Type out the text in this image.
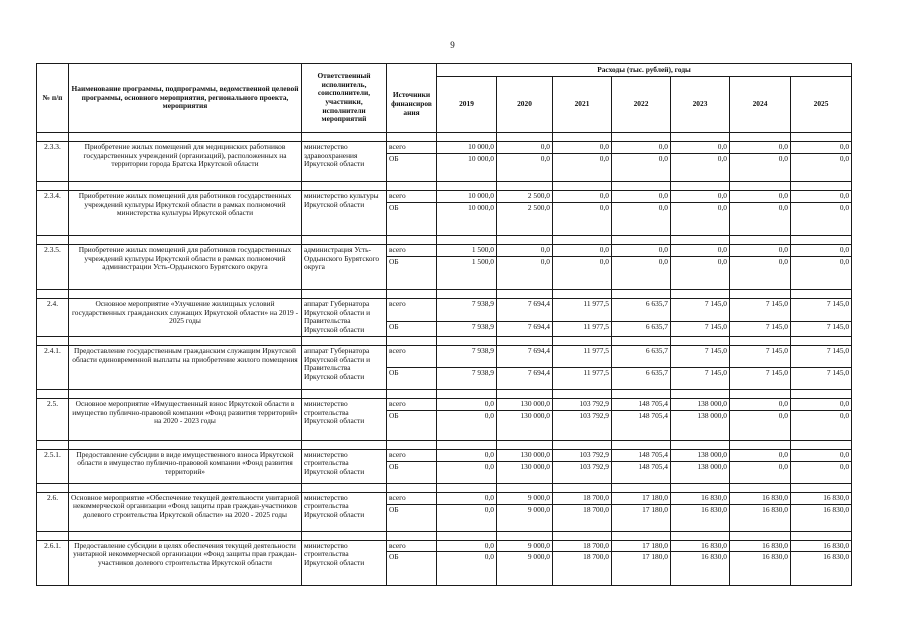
9
№ п/п	Наименование программы, подпрограммы, ведомственной целевой программы, основного мероприятия, регионального проекта, мероприятия	Ответственный исполнитель, соисполнители, участники, исполнители мероприятий	Источники финансиров ания	Расходы (тыс. рублей), годы						
				2019	2020	2021	2022	2023	2024	2025

2.3.3.	Приобретение жилых помещений для медицинских работников государственных учреждений (организаций), расположенных на территории города Братска Иркутской области	министерство здравоохранения Иркутской области	всего	10 000,0	0,0	0,0	0,0	0,0	0,0	0,0
			ОБ	10 000,0	0,0	0,0	0,0	0,0	0,0	0,0

2.3.4.	Приобретение жилых помещений для работников государственных учреждений культуры Иркутской области в рамках полномочий министерства культуры Иркутской области	министерство культуры Иркутской области	всего	10 000,0	2 500,0	0,0	0,0	0,0	0,0	0,0
			ОБ	10 000,0	2 500,0	0,0	0,0	0,0	0,0	0,0

2.3.5.	Приобретение жилых помещений для работников государственных учреждений культуры Иркутской области в рамках полномочий администрации Усть-Ордынского Бурятского округа	администрация Усть-Ордынского Бурятского округа	всего	1 500,0	0,0	0,0	0,0	0,0	0,0	0,0
			ОБ	1 500,0	0,0	0,0	0,0	0,0	0,0	0,0

2.4.	Основное мероприятие «Улучшение жилищных условий государственных гражданских служащих Иркутской области» на 2019 - 2025 годы	аппарат Губернатора Иркутской области и Правительства Иркутской области	всего	7 938,9	7 694,4	11 977,5	6 635,7	7 145,0	7 145,0	7 145,0
			ОБ	7 938,9	7 694,4	11 977,5	6 635,7	7 145,0	7 145,0	7 145,0

2.4.1.	Предоставление государственным гражданским служащим Иркутской области единовременной выплаты на приобретение жилого помещения	аппарат Губернатора Иркутской области и Правительства Иркутской области	всего	7 938,9	7 694,4	11 977,5	6 635,7	7 145,0	7 145,0	7 145,0
			ОБ	7 938,9	7 694,4	11 977,5	6 635,7	7 145,0	7 145,0	7 145,0

2.5.	Основное мероприятие «Имущественный взнос Иркутской области в имущество публично-правовой компании «Фонд развития территорий» на 2020 - 2023 годы	министерство строительства Иркутской области	всего	0,0	130 000,0	103 792,9	148 705,4	138 000,0	0,0	0,0
			ОБ	0,0	130 000,0	103 792,9	148 705,4	138 000,0	0,0	0,0

2.5.1.	Предоставление субсидии в виде имущественного взноса Иркутской области в имущество публично-правовой компании «Фонд развития территорий»	министерство строительства Иркутской области	всего	0,0	130 000,0	103 792,9	148 705,4	138 000,0	0,0	0,0
			ОБ	0,0	130 000,0	103 792,9	148 705,4	138 000,0	0,0	0,0

2.6.	Основное мероприятие «Обеспечение текущей деятельности унитарной некоммерческой организации «Фонд защиты прав граждан-участников долевого строительства Иркутской области» на 2020 - 2025 годы	министерство строительства Иркутской области	всего	0,0	9 000,0	18 700,0	17 180,0	16 830,0	16 830,0	16 830,0
			ОБ	0,0	9 000,0	18 700,0	17 180,0	16 830,0	16 830,0	16 830,0

2.6.1.	Предоставление субсидии в целях обеспечения текущей деятельности унитарной некоммерческой организации «Фонд защиты прав граждан-участников долевого строительства Иркутской области	министерство строительства Иркутской области	всего	0,0	9 000,0	18 700,0	17 180,0	16 830,0	16 830,0	16 830,0
			ОБ	0,0	9 000,0	18 700,0	17 180,0	16 830,0	16 830,0	16 830,0
